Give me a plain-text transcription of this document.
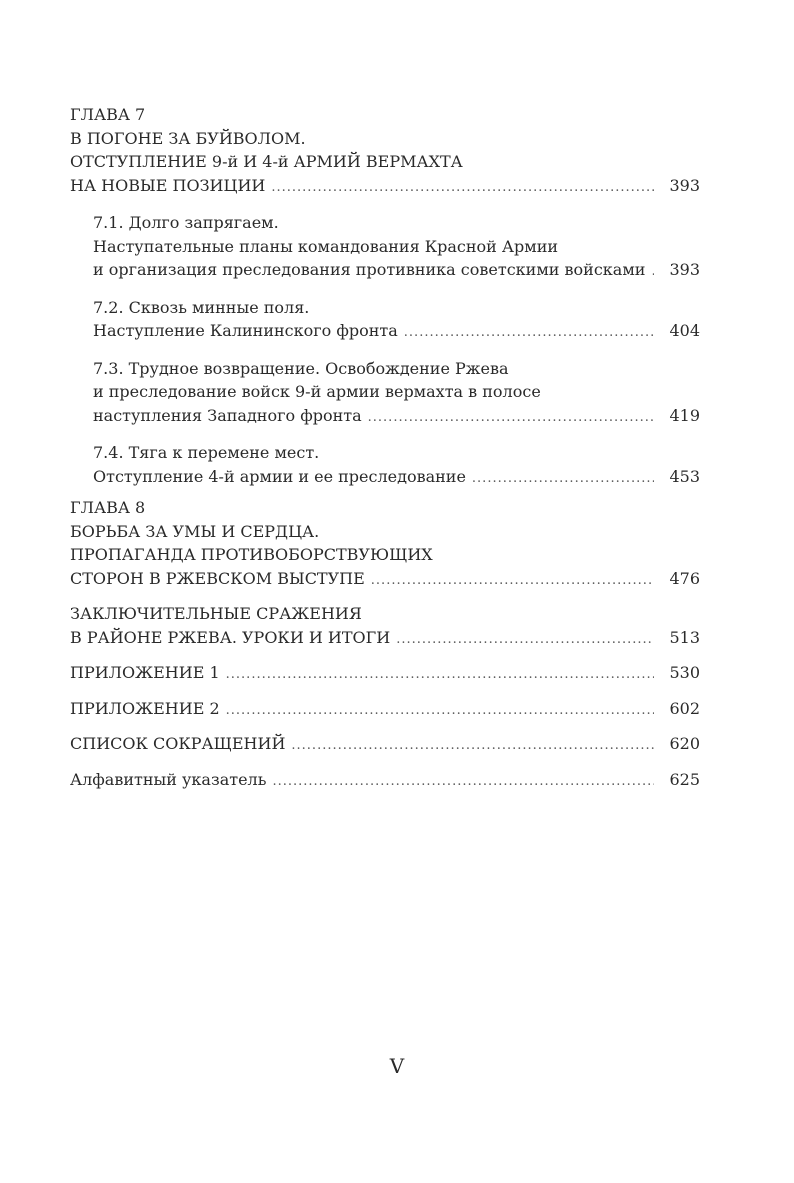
ГЛАВА 7
В ПОГОНЕ ЗА БУЙВОЛОМ.
ОТСТУПЛЕНИЕ 9-й И 4-й АРМИЙ ВЕРМАХТА
НА НОВЫЕ ПОЗИЦИИ .....	393
7.1. Долго запрягаем.
Наступательные планы командования Красной Армии
и организация преследования противника советскими войсками .....	393
7.2. Сквозь минные поля.
Наступление Калининского фронта .....	404
7.3. Трудное возвращение. Освобождение Ржева
и преследование войск 9-й армии вермахта в полосе
наступления Западного фронта .....	419
7.4. Тяга к перемене мест.
Отступление 4-й армии и ее преследование .....	453
ГЛАВА 8
БОРЬБА ЗА УМЫ И СЕРДЦА.
ПРОПАГАНДА ПРОТИВОБОРСТВУЮЩИХ
СТОРОН В РЖЕВСКОМ ВЫСТУПЕ .....	476
ЗАКЛЮЧИТЕЛЬНЫЕ СРАЖЕНИЯ
В РАЙОНЕ РЖЕВА. УРОКИ И ИТОГИ .....	513
ПРИЛОЖЕНИЕ 1 .....	530
ПРИЛОЖЕНИЕ 2 .....	602
СПИСОК СОКРАЩЕНИЙ .....	620
Алфавитный указатель .....	625
V
